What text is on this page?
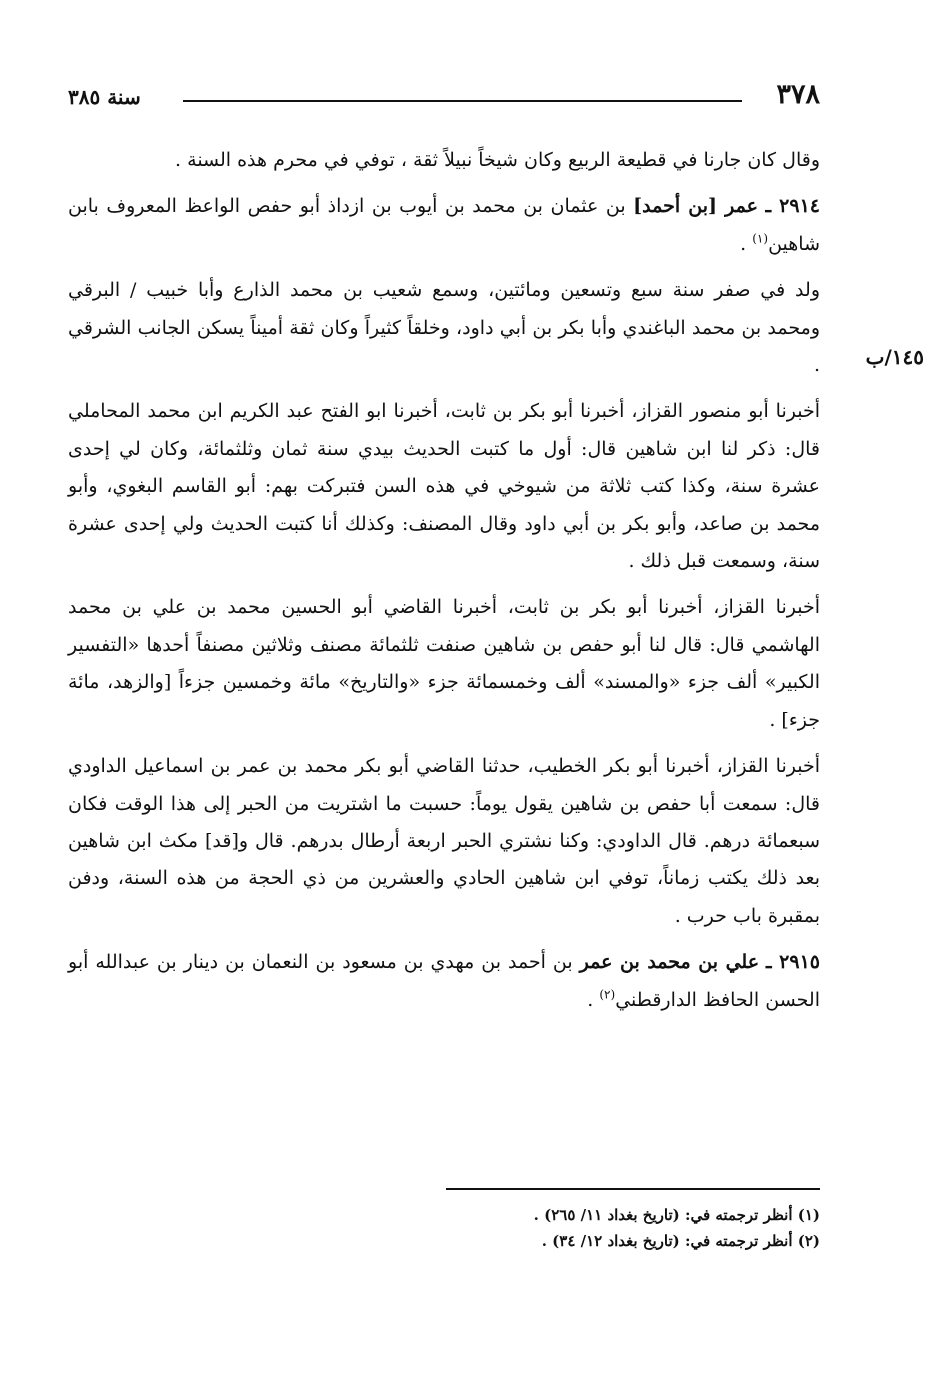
٣٧٨
سنة ٣٨٥
١٤٥/ب

وقال كان جارنا في قطيعة الربيع وكان شيخاً نبيلاً ثقة ، توفي في محرم هذه السنة .

٢٩١٤ ـ عمر [بن أحمد] بن عثمان بن محمد بن أيوب بن ازداذ أبو حفص الواعظ المعروف بابن شاهين$^{(١)}$ .

ولد في صفر سنة سبع وتسعين ومائتين، وسمع شعيب بن محمد الذارع وأبا خبيب / البرقي ومحمد بن محمد الباغندي وأبا بكر بن أبي داود، وخلقاً كثيراً وكان ثقة أميناً يسكن الجانب الشرقي .

أخبرنا أبو منصور القزاز، أخبرنا أبو بكر بن ثابت، أخبرنا ابو الفتح عبد الكريم ابن محمد المحاملي قال: ذكر لنا ابن شاهين قال: أول ما كتبت الحديث بيدي سنة ثمان وثلثمائة، وكان لي إحدى عشرة سنة، وكذا كتب ثلاثة من شيوخي في هذه السن فتبركت بهم: أبو القاسم البغوي، وأبو محمد بن صاعد، وأبو بكر بن أبي داود وقال المصنف: وكذلك أنا كتبت الحديث ولي إحدى عشرة سنة، وسمعت قبل ذلك .

أخبرنا القزاز، أخبرنا أبو بكر بن ثابت، أخبرنا القاضي أبو الحسين محمد بن علي بن محمد الهاشمي قال: قال لنا أبو حفص بن شاهين صنفت ثلثمائة مصنف وثلاثين مصنفاً أحدها «التفسير الكبير» ألف جزء «والمسند» ألف وخمسمائة جزء «والتاريخ» مائة وخمسين جزءاً [والزهد، مائة جزء] .

أخبرنا القزاز، أخبرنا أبو بكر الخطيب، حدثنا القاضي أبو بكر محمد بن عمر بن اسماعيل الداودي قال: سمعت أبا حفص بن شاهين يقول يوماً: حسبت ما اشتريت من الحبر إلى هذا الوقت فكان سبعمائة درهم. قال الداودي: وكنا نشتري الحبر اربعة أرطال بدرهم. قال و[قد] مكث ابن شاهين بعد ذلك يكتب زماناً، توفي ابن شاهين الحادي والعشرين من ذي الحجة من هذه السنة، ودفن بمقبرة باب حرب .

٢٩١٥ ـ علي بن محمد بن عمر بن أحمد بن مهدي بن مسعود بن النعمان بن دينار بن عبدالله أبو الحسن الحافظ الدارقطني$^{(٢)}$ .

(١) أنظر ترجمته في: (تاريخ بغداد ١١/ ٢٦٥) .
(٢) أنظر ترجمته في: (تاريخ بغداد ١٢/ ٣٤) .
